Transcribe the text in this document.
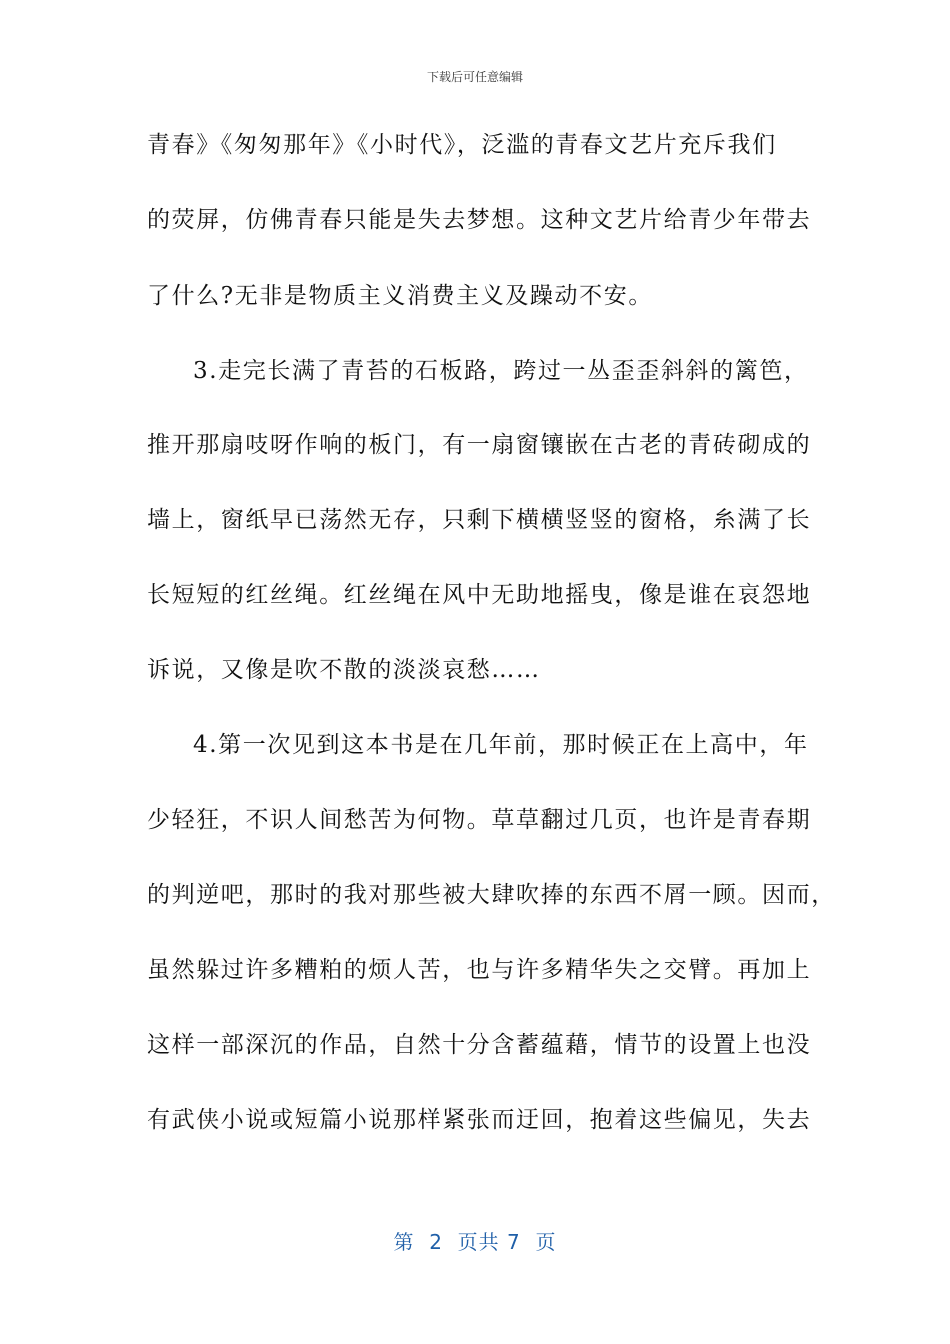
下载后可任意编辑
青春》《匆匆那年》《小时代》，泛滥的青春文艺片充斥我们
的荧屏，仿佛青春只能是失去梦想。这种文艺片给青少年带去
了什么?无非是物质主义消费主义及躁动不安。
3.走完长满了青苔的石板路，跨过一丛歪歪斜斜的篱笆，
推开那扇吱呀作响的板门，有一扇窗镶嵌在古老的青砖砌成的
墙上，窗纸早已荡然无存，只剩下横横竖竖的窗格，糸满了长
长短短的红丝绳。红丝绳在风中无助地摇曳，像是谁在哀怨地
诉说，又像是吹不散的淡淡哀愁……
4.第一次见到这本书是在几年前，那时候正在上高中，年
少轻狂，不识人间愁苦为何物。草草翻过几页，也许是青春期
的判逆吧，那时的我对那些被大肆吹捧的东西不屑一顾。因而，
虽然躲过许多糟粕的烦人苦，也与许多精华失之交臂。再加上
这样一部深沉的作品，自然十分含蓄蕴藉，情节的设置上也没
有武侠小说或短篇小说那样紧张而迂回，抱着这些偏见，失去
第  2  页共 7  页
